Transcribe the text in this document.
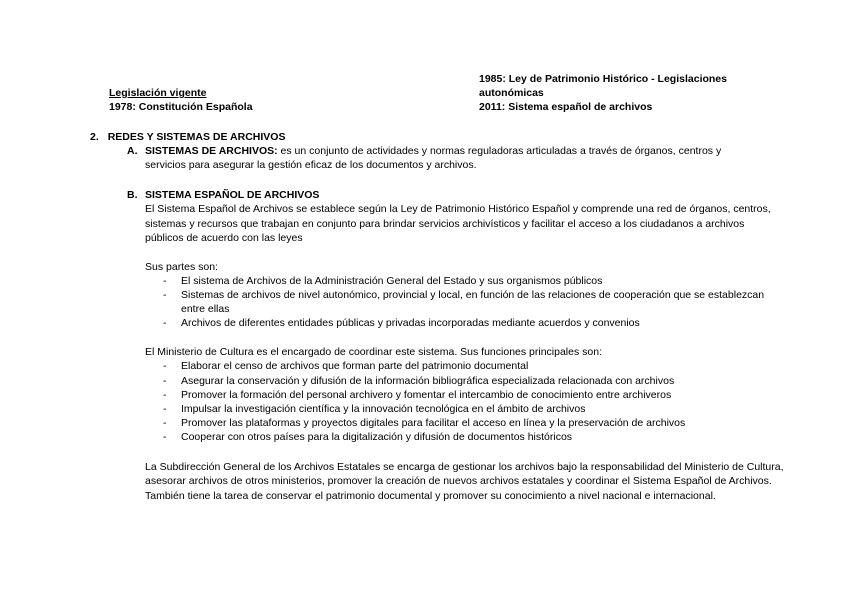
Legislación vigente
1978: Constitución Española
1985: Ley de Patrimonio Histórico - Legislaciones
autonómicas
2011: Sistema español de archivos
2. REDES Y SISTEMAS DE ARCHIVOS
A. SISTEMAS DE ARCHIVOS: es un conjunto de actividades y normas reguladoras articuladas a través de órganos, centros y
servicios para asegurar la gestión eficaz de los documentos y archivos.
B. SISTEMA ESPAÑOL DE ARCHIVOS
El Sistema Español de Archivos se establece según la Ley de Patrimonio Histórico Español y comprende una red de órganos, centros, sistemas y recursos que trabajan en conjunto para brindar servicios archivísticos y facilitar el acceso a los ciudadanos a archivos públicos de acuerdo con las leyes
Sus partes son:
- El sistema de Archivos de la Administración General del Estado y sus organismos públicos
- Sistemas de archivos de nivel autonómico, provincial y local, en función de las relaciones de cooperación que se establezcan entre ellas
- Archivos de diferentes entidades públicas y privadas incorporadas mediante acuerdos y convenios
El Ministerio de Cultura es el encargado de coordinar este sistema. Sus funciones principales son:
- Elaborar el censo de archivos que forman parte del patrimonio documental
- Asegurar la conservación y difusión de la información bibliográfica especializada relacionada con archivos
- Promover la formación del personal archivero y fomentar el intercambio de conocimiento entre archiveros
- Impulsar la investigación científica y la innovación tecnológica en el ámbito de archivos
- Promover las plataformas y proyectos digitales para facilitar el acceso en línea y la preservación de archivos
- Cooperar con otros países para la digitalización y difusión de documentos históricos
La Subdirección General de los Archivos Estatales se encarga de gestionar los archivos bajo la responsabilidad del Ministerio de Cultura, asesorar archivos de otros ministerios, promover la creación de nuevos archivos estatales y coordinar el Sistema Español de Archivos. También tiene la tarea de conservar el patrimonio documental y promover su conocimiento a nivel nacional e internacional.
